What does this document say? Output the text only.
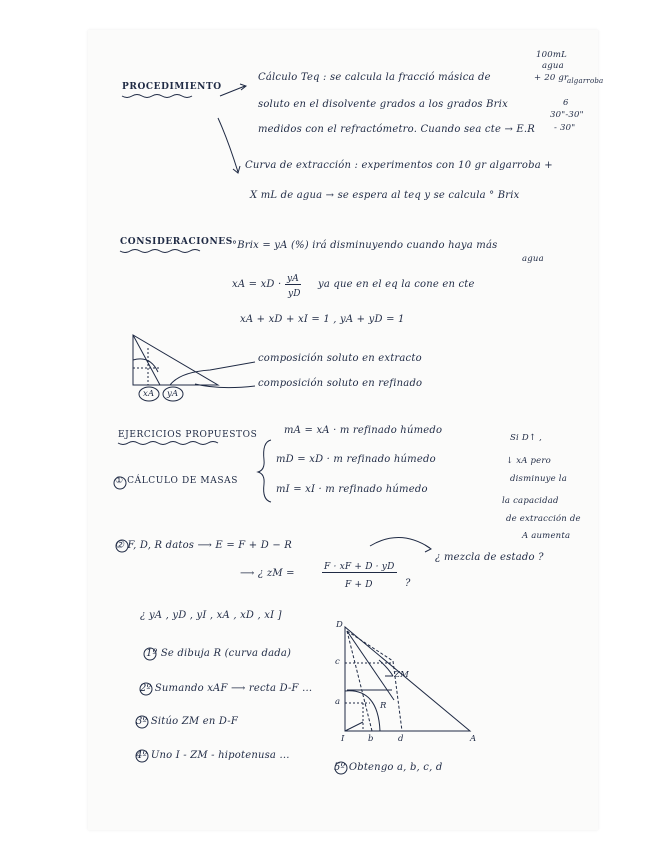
100mL
agua
+ 20 gr
algarroba
6
30"-30"
- 30"
PROCEDIMIENTO
Cálculo Teq : se calcula la fracció másica de
soluto en el disolvente grados a los grados Brix
medidos con el refractómetro. Cuando sea cte → E.R
Curva de extracción : experimentos con 10 gr algarroba +
X mL de agua → se espera al teq y se calcula ° Brix
CONSIDERACIONES °Brix = yA (%) irá disminuyendo cuando haya más
agua
xA = xD · yA
yD
ya que en el eq la cone en cte
xA + xD + xI = 1 , yA + yD = 1
composición soluto en extracto
composición soluto en refinado
xA yA
EJERCICIOS PROPUESTOS	mA = xA · m refinado húmedo
mD = xD · m refinado húmedo
mI = xI · m refinado húmedo
① CÁLCULO DE MASAS
Si D↑ ,
↓ xA pero
disminuye la
la capacidad
de extracción de
A aumenta
② F, D, R datos ⟶ E = F + D − R
⟶ ¿ zM =
F · xF + D · yD
F + D	?
¿ mezcla de estado ?
¿ yA , yD , yI , xA , xD , xI ]
1º Se dibuja R (curva dada)
2º Sumando xAF ⟶ recta D-F ...
3º Sitúo ZM en D-F
4º Uno I - ZM - hipotenusa ...
5º Obtengo a, b, c, d
D
c
a
ZM
R
I	b	d	A
